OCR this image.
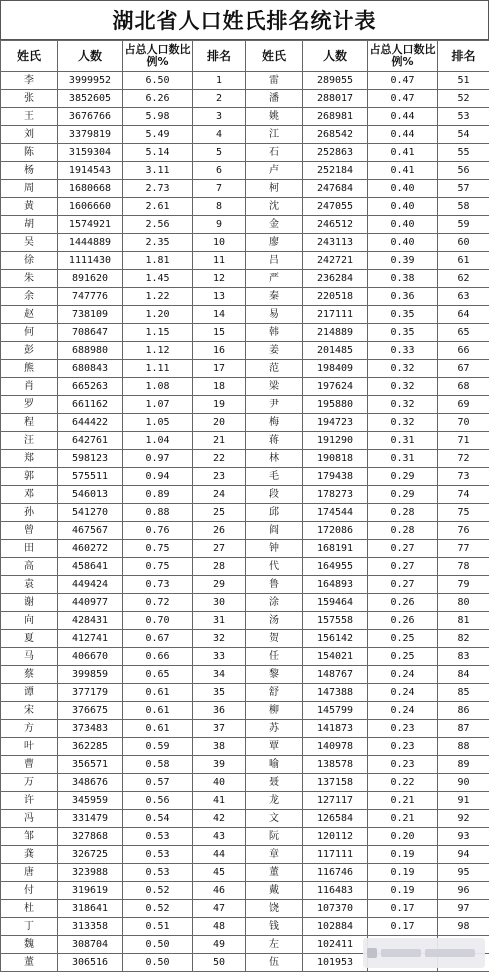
湖北省人口姓氏排名统计表
姓氏	人数	占总人口数比例%	排名	姓氏	人数	占总人口数比例%	排名
李	3999952	6.50	1	雷	289055	0.47	51
张	3852605	6.26	2	潘	288017	0.47	52
王	3676766	5.98	3	姚	268981	0.44	53
刘	3379819	5.49	4	江	268542	0.44	54
陈	3159304	5.14	5	石	252863	0.41	55
杨	1914543	3.11	6	卢	252184	0.41	56
周	1680668	2.73	7	柯	247684	0.40	57
黄	1606660	2.61	8	沈	247055	0.40	58
胡	1574921	2.56	9	金	246512	0.40	59
吴	1444889	2.35	10	廖	243113	0.40	60
徐	1111430	1.81	11	吕	242721	0.39	61
朱	891620	1.45	12	严	236284	0.38	62
余	747776	1.22	13	秦	220518	0.36	63
赵	738109	1.20	14	易	217111	0.35	64
何	708647	1.15	15	韩	214889	0.35	65
彭	688980	1.12	16	姜	201485	0.33	66
熊	680843	1.11	17	范	198409	0.32	67
肖	665263	1.08	18	梁	197624	0.32	68
罗	661162	1.07	19	尹	195880	0.32	69
程	644422	1.05	20	梅	194723	0.32	70
汪	642761	1.04	21	蒋	191290	0.31	71
郑	598123	0.97	22	林	190818	0.31	72
郭	575511	0.94	23	毛	179438	0.29	73
邓	546013	0.89	24	段	178273	0.29	74
孙	541270	0.88	25	邱	174544	0.28	75
曾	467567	0.76	26	阎	172086	0.28	76
田	460272	0.75	27	钟	168191	0.27	77
高	458641	0.75	28	代	164955	0.27	78
袁	449424	0.73	29	鲁	164893	0.27	79
谢	440977	0.72	30	涂	159464	0.26	80
向	428431	0.70	31	汤	157558	0.26	81
夏	412741	0.67	32	贺	156142	0.25	82
马	406670	0.66	33	任	154021	0.25	83
蔡	399859	0.65	34	黎	148767	0.24	84
谭	377179	0.61	35	舒	147388	0.24	85
宋	376675	0.61	36	柳	145799	0.24	86
方	373483	0.61	37	苏	141873	0.23	87
叶	362285	0.59	38	覃	140978	0.23	88
曹	356571	0.58	39	喻	138578	0.23	89
万	348676	0.57	40	聂	137158	0.22	90
许	345959	0.56	41	龙	127117	0.21	91
冯	331479	0.54	42	文	126584	0.21	92
邹	327868	0.53	43	阮	120112	0.20	93
龚	326725	0.53	44	章	117111	0.19	94
唐	323988	0.53	45	董	116746	0.19	95
付	319619	0.52	46	戴	116483	0.19	96
杜	318641	0.52	47	饶	107370	0.17	97
丁	313358	0.51	48	钱	102884	0.17	98
魏	308704	0.50	49	左	102411		
董	306516	0.50	50	伍	101953		
